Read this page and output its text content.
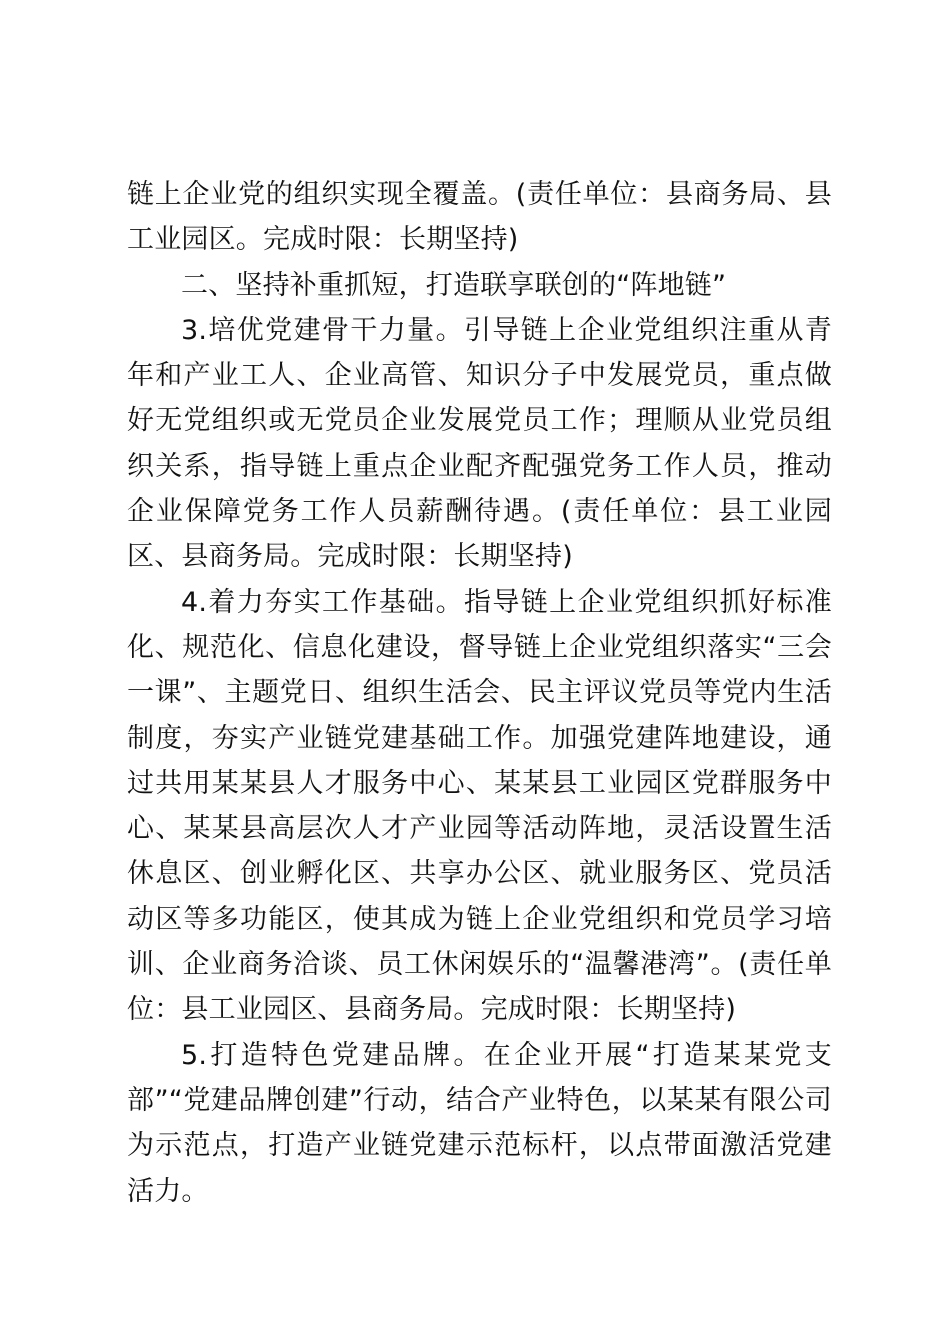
链上企业党的组织实现全覆盖。(责任单位：县商务局、县工业园区。完成时限：长期坚持)

二、坚持补重抓短，打造联享联创的“阵地链”

3.培优党建骨干力量。引导链上企业党组织注重从青年和产业工人、企业高管、知识分子中发展党员，重点做好无党组织或无党员企业发展党员工作；理顺从业党员组织关系，指导链上重点企业配齐配强党务工作人员，推动企业保障党务工作人员薪酬待遇。(责任单位：县工业园区、县商务局。完成时限：长期坚持)

4.着力夯实工作基础。指导链上企业党组织抓好标准化、规范化、信息化建设，督导链上企业党组织落实“三会一课”、主题党日、组织生活会、民主评议党员等党内生活制度，夯实产业链党建基础工作。加强党建阵地建设，通过共用某某县人才服务中心、某某县工业园区党群服务中心、某某县高层次人才产业园等活动阵地，灵活设置生活休息区、创业孵化区、共享办公区、就业服务区、党员活动区等多功能区，使其成为链上企业党组织和党员学习培训、企业商务洽谈、员工休闲娱乐的“温馨港湾”。(责任单位：县工业园区、县商务局。完成时限：长期坚持)

5.打造特色党建品牌。在企业开展“打造某某党支部”“党建品牌创建”行动，结合产业特色，以某某有限公司为示范点，打造产业链党建示范标杆，以点带面激活党建活力。
